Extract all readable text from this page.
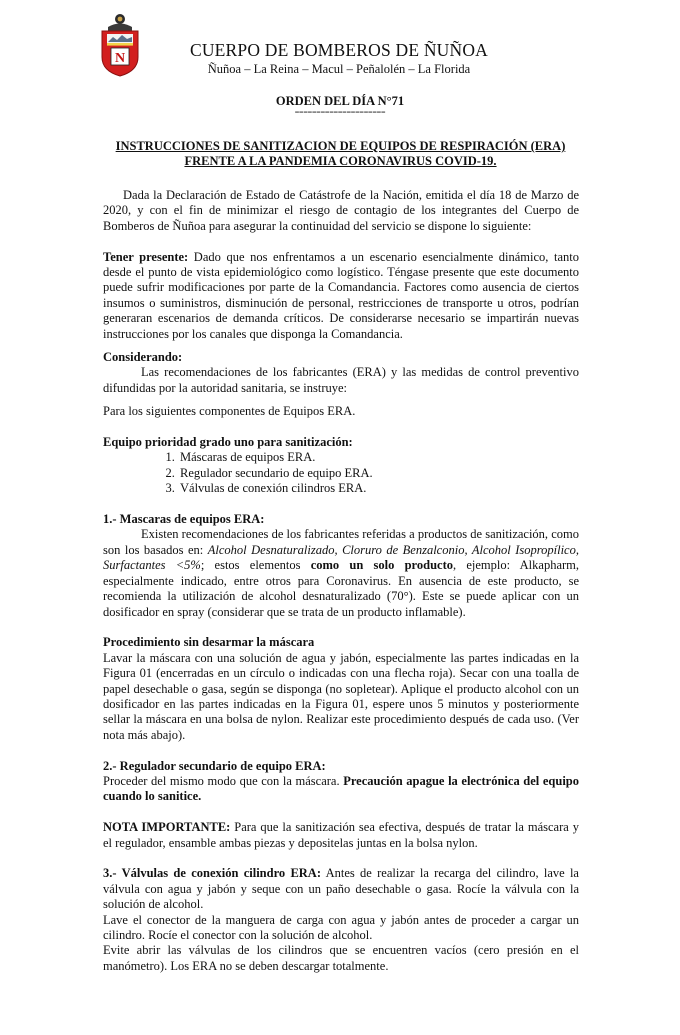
N	CUERPO DE BOMBEROS DE ÑUÑOA
Ñuñoa – La Reina – Macul – Peñalolén – La Florida
ORDEN DEL DÍA N°71
=====================
INSTRUCCIONES DE SANITIZACION DE EQUIPOS DE RESPIRACIÓN (ERA)
FRENTE A LA PANDEMIA CORONAVIRUS COVID-19.

Dada la Declaración de Estado de Catástrofe de la Nación, emitida el día 18 de Marzo de 2020, y con el fin de minimizar el riesgo de contagio de los integrantes del Cuerpo de Bomberos de Ñuñoa para asegurar la continuidad del servicio se dispone lo siguiente:

Tener presente: Dado que nos enfrentamos a un escenario esencialmente dinámico, tanto desde el punto de vista epidemiológico como logístico. Téngase presente que este documento puede sufrir modificaciones por parte de la Comandancia. Factores como ausencia de ciertos insumos o suministros, disminución de personal, restricciones de transporte u otros, podrían generaran escenarios de demanda críticos. De considerarse necesario se impartirán nuevas instrucciones por los canales que disponga la Comandancia.

Considerando:

Las recomendaciones de los fabricantes (ERA) y las medidas de control preventivo difundidas por la autoridad sanitaria, se instruye:

Para los siguientes componentes de Equipos ERA.

Equipo prioridad grado uno para sanitización:

1. Máscaras de equipos ERA.
2. Regulador secundario de equipo ERA.
3. Válvulas de conexión cilindros ERA.

1.- Mascaras de equipos ERA:

Existen recomendaciones de los fabricantes referidas a productos de sanitización, como son los basados en: Alcohol Desnaturalizado, Cloruro de Benzalconio, Alcohol Isopropílico, Surfactantes <5%; estos elementos como un solo producto, ejemplo: Alkapharm, especialmente indicado, entre otros para Coronavirus. En ausencia de este producto, se recomienda la utilización de alcohol desnaturalizado (70°). Este se puede aplicar con un dosificador en spray (considerar que se trata de un producto inflamable).

Procedimiento sin desarmar la máscara

Lavar la máscara con una solución de agua y jabón, especialmente las partes indicadas en la Figura 01 (encerradas en un círculo o indicadas con una flecha roja). Secar con una toalla de papel desechable o gasa, según se disponga (no sopletear). Aplique el producto alcohol con un dosificador en las partes indicadas en la Figura 01, espere unos 5 minutos y posteriormente sellar la máscara en una bolsa de nylon. Realizar este procedimiento después de cada uso. (Ver nota más abajo).

2.- Regulador secundario de equipo ERA:

Proceder del mismo modo que con la máscara. Precaución apague la electrónica del equipo cuando lo sanitice.

NOTA IMPORTANTE: Para que la sanitización sea efectiva, después de tratar la máscara y el regulador, ensamble ambas piezas y depositelas juntas en la bolsa nylon.

3.- Válvulas de conexión cilindro ERA: Antes de realizar la recarga del cilindro, lave la válvula con agua y jabón y seque con un paño desechable o gasa. Rocíe la válvula con la solución de alcohol.

Lave el conector de la manguera de carga con agua y jabón antes de proceder a cargar un cilindro. Rocíe el conector con la solución de alcohol.

Evite abrir las válvulas de los cilindros que se encuentren vacíos (cero presión en el manómetro). Los ERA no se deben descargar totalmente.
